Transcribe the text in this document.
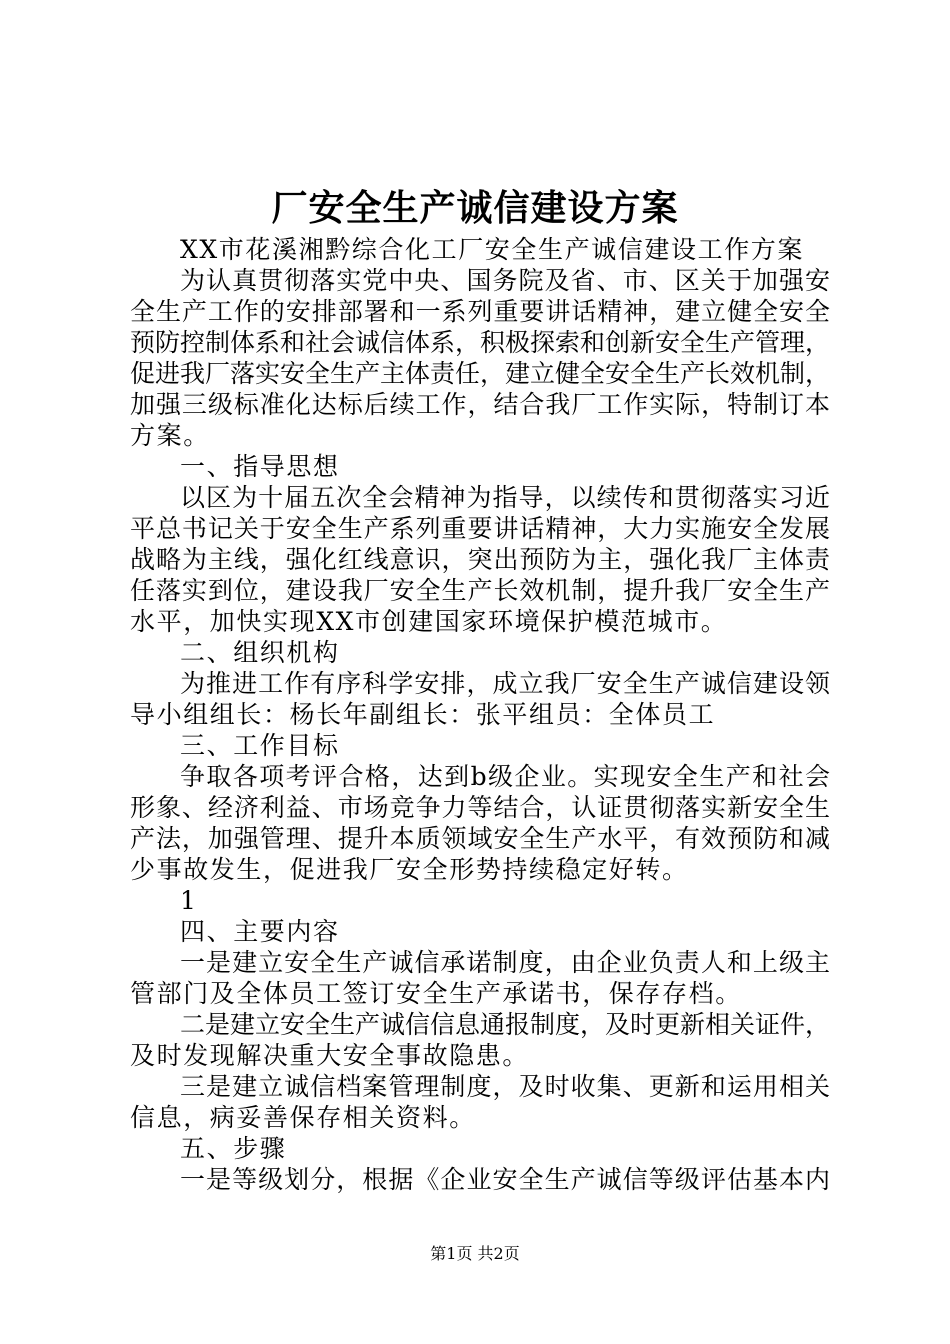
厂安全生产诚信建设方案
XX市花溪湘黔综合化工厂安全生产诚信建设工作方案
为认真贯彻落实党中央、国务院及省、市、区关于加强安
全生产工作的安排部署和一系列重要讲话精神，建立健全安全
预防控制体系和社会诚信体系，积极探索和创新安全生产管理，
促进我厂落实安全生产主体责任，建立健全安全生产长效机制，
加强三级标准化达标后续工作，结合我厂工作实际，特制订本
方案。
一、指导思想
以区为十届五次全会精神为指导，以续传和贯彻落实习近
平总书记关于安全生产系列重要讲话精神，大力实施安全发展
战略为主线，强化红线意识，突出预防为主，强化我厂主体责
任落实到位，建设我厂安全生产长效机制，提升我厂安全生产
水平，加快实现XX市创建国家环境保护模范城市。
二、组织机构
为推进工作有序科学安排，成立我厂安全生产诚信建设领
导小组组长：杨长年副组长：张平组员：全体员工
三、工作目标
争取各项考评合格，达到b级企业。实现安全生产和社会
形象、经济利益、市场竞争力等结合，认证贯彻落实新安全生
产法，加强管理、提升本质领域安全生产水平，有效预防和减
少事故发生，促进我厂安全形势持续稳定好转。
1
四、主要内容
一是建立安全生产诚信承诺制度，由企业负责人和上级主
管部门及全体员工签订安全生产承诺书，保存存档。
二是建立安全生产诚信信息通报制度，及时更新相关证件，
及时发现解决重大安全事故隐患。
三是建立诚信档案管理制度，及时收集、更新和运用相关
信息，病妥善保存相关资料。
五、步骤
一是等级划分，根据《企业安全生产诚信等级评估基本内
第1页 共2页
